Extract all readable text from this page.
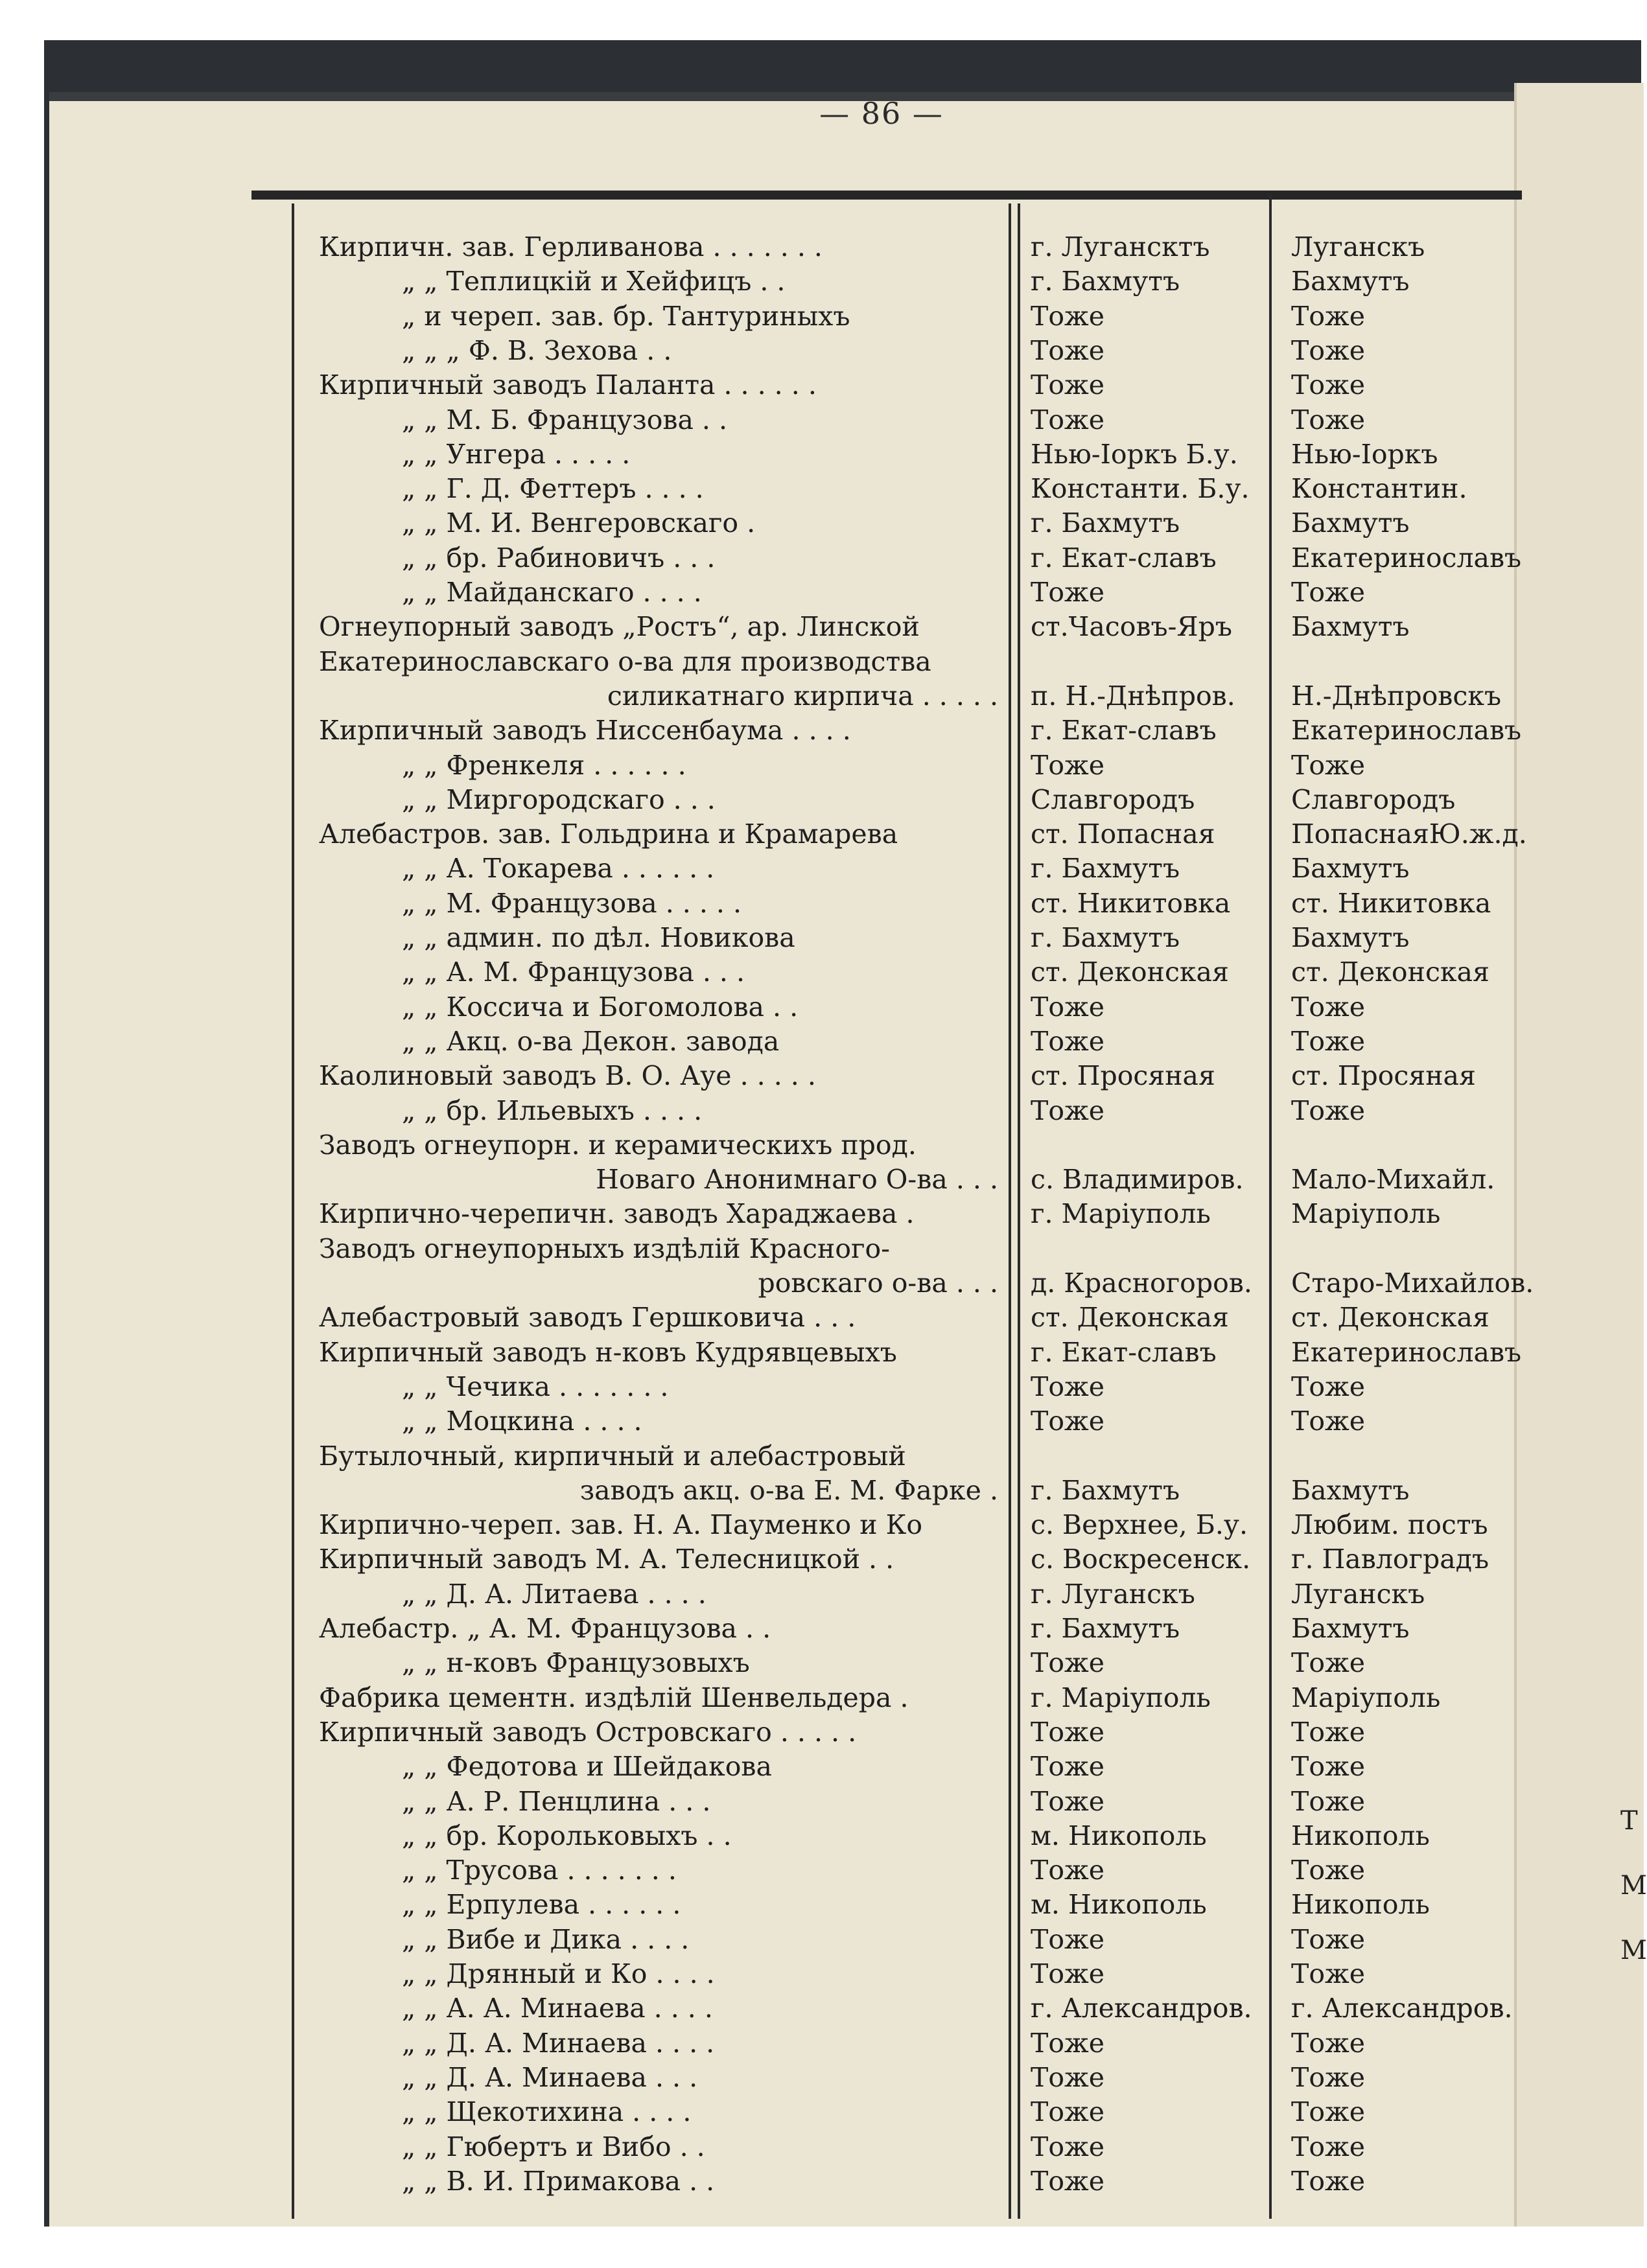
Т
М
М
— 86 —
Кирпичн. зав. Герливанова . . . . . . .	г. Лугансктъ	Луганскъ
„ „ Теплицкій и Хейфицъ . .	г. Бахмутъ	Бахмутъ
„ и череп. зав. бр. Тантуриныхъ	Тоже	Тоже
„ „ „ Ф. В. Зехова . .	Тоже	Тоже
Кирпичный заводъ Паланта . . . . . .	Тоже	Тоже
„ „ М. Б. Французова . .	Тоже	Тоже
„ „ Унгера . . . . .	Нью-Іоркъ Б.у.	Нью-Іоркъ
„ „ Г. Д. Феттеръ . . . .	Константи. Б.у.	Константин.
„ „ М. И. Венгеровскаго .	г. Бахмутъ	Бахмутъ
„ „ бр. Рабиновичъ . . .	г. Екат-славъ	Екатеринославъ
„ „ Майданскаго . . . .	Тоже	Тоже
Огнеупорный заводъ „Ростъ“, ар. Линской	ст.Часовъ-Яръ	Бахмутъ
Екатеринославскаго о-ва для производства
силикатнаго кирпича . . . . . п. Н.-Днѣпров.	Н.-Днѣпровскъ
Кирпичный заводъ Ниссенбаума . . . .	г. Екат-славъ	Екатеринославъ
„ „ Френкеля . . . . . .	Тоже	Тоже
„ „ Миргородскаго . . .	Славгородъ	Славгородъ
Алебастров. зав. Гольдрина и Крамарева	ст. Попасная	ПопаснаяЮ.ж.д.
„ „ А. Токарева . . . . . .	г. Бахмутъ	Бахмутъ
„ „ М. Французова . . . . .	ст. Никитовка	ст. Никитовка
„ „ админ. по дѣл. Новикова	г. Бахмутъ	Бахмутъ
„ „ А. М. Французова . . .	ст. Деконская	ст. Деконская
„ „ Коссича и Богомолова . .	Тоже	Тоже
„ „ Акц. о-ва Декон. завода	Тоже	Тоже
Каолиновый заводъ В. О. Ауе . . . . .	ст. Просяная	ст. Просяная
„ „ бр. Ильевыхъ . . . .	Тоже	Тоже
Заводъ огнеупорн. и керамическихъ прод.
Новаго Анонимнаго О-ва . . . с. Владимиров.	Мало-Михайл.
Кирпично-черепичн. заводъ Хараджаева .	г. Маріуполь	Маріуполь
Заводъ огнеупорныхъ издѣлій Красного-
ровскаго о-ва . . . д. Красногоров.	Старо-Михайлов.
Алебастровый заводъ Гершковича . . .	ст. Деконская	ст. Деконская
Кирпичный заводъ н-ковъ Кудрявцевыхъ	г. Екат-славъ	Екатеринославъ
„ „ Чечика . . . . . . .	Тоже	Тоже
„ „ Моцкина . . . .	Тоже	Тоже
Бутылочный, кирпичный и алебастровый
заводъ акц. о-ва Е. М. Фарке . г. Бахмутъ	Бахмутъ
Кирпично-череп. зав. Н. А. Пауменко и Ко	с. Верхнее, Б.у.	Любим. постъ
Кирпичный заводъ М. А. Телесницкой . .	с. Воскресенск.	г. Павлоградъ
„ „ Д. А. Литаева . . . .	г. Луганскъ	Луганскъ
Алебастр. „ А. М. Французова . .	г. Бахмутъ	Бахмутъ
„ „ н-ковъ Французовыхъ	Тоже	Тоже
Фабрика цементн. издѣлій Шенвельдера .	г. Маріуполь	Маріуполь
Кирпичный заводъ Островскаго . . . . .	Тоже	Тоже
„ „ Федотова и Шейдакова	Тоже	Тоже
„ „ А. Р. Пенцлина . . .	Тоже	Тоже
„ „ бр. Корольковыхъ . .	м. Никополь	Никополь
„ „ Трусова . . . . . . .	Тоже	Тоже
„ „ Ерпулева . . . . . .	м. Никополь	Никополь
„ „ Вибе и Дика . . . .	Тоже	Тоже
„ „ Дрянный и Ко . . . .	Тоже	Тоже
„ „ А. А. Минаева . . . .	г. Александров.	г. Александров.
„ „ Д. А. Минаева . . . .	Тоже	Тоже
„ „ Д. А. Минаева . . .	Тоже	Тоже
„ „ Щекотихина . . . .	Тоже	Тоже
„ „ Гюбертъ и Вибо . .	Тоже	Тоже
„ „ В. И. Примакова . .	Тоже	Тоже
